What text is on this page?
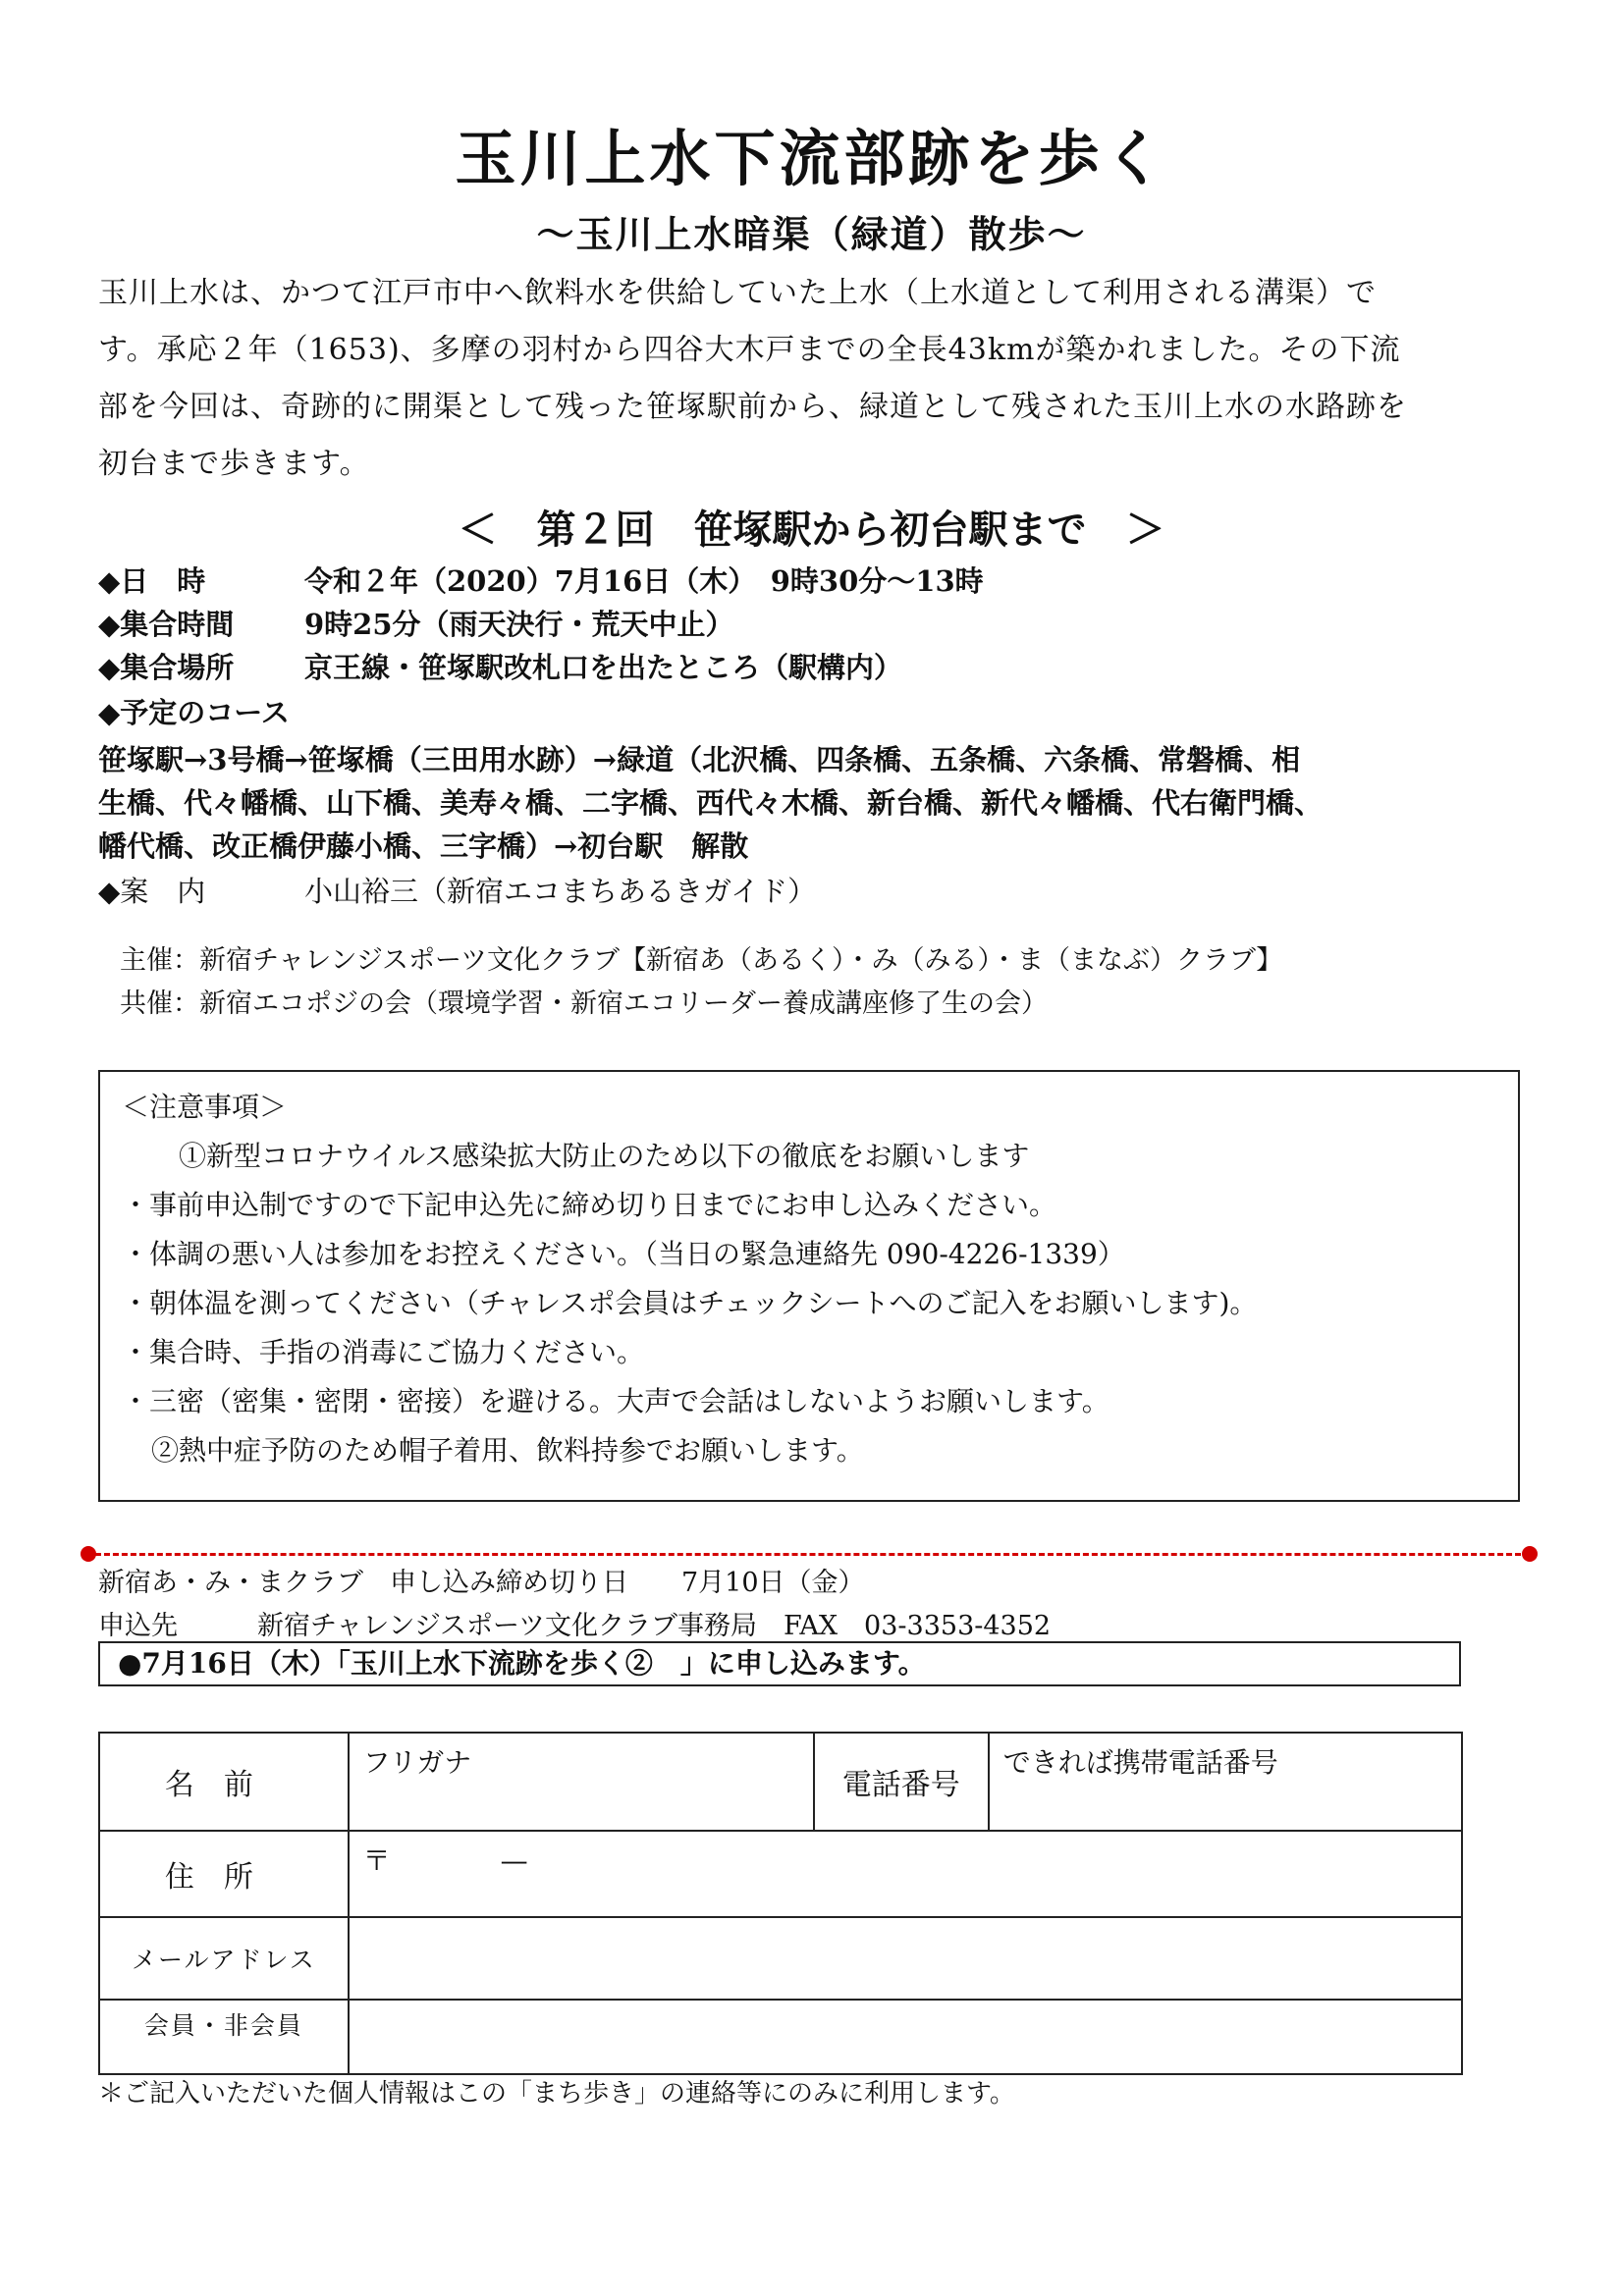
玉川上水下流部跡を歩く
～玉川上水暗渠（緑道）散歩～
玉川上水は、かつて江戸市中へ飲料水を供給していた上水（上水道として利用される溝渠）で
す。承応２年（1653)、多摩の羽村から四谷大木戸までの全長43kmが築かれました。その下流
部を今回は、奇跡的に開渠として残った笹塚駅前から、緑道として残された玉川上水の水路跡を
初台まで歩きます。
＜　第２回　笹塚駅から初台駅まで　＞
◆日　時	令和２年（2020）7月16日（木）　9時30分～13時
◆集合時間 9時25分（雨天決行・荒天中止）
◆集合場所 京王線・笹塚駅改札口を出たところ（駅構内）
◆予定のコース
笹塚駅→3号橋→笹塚橋（三田用水跡）→緑道（北沢橋、四条橋、五条橋、六条橋、常磐橋、相
生橋、代々幡橋、山下橋、美寿々橋、二字橋、西代々木橋、新台橋、新代々幡橋、代右衛門橋、
幡代橋、改正橋伊藤小橋、三字橋）→初台駅　解散
◆案　内	小山裕三（新宿エコまちあるきガイド）
主催：新宿チャレンジスポーツ文化クラブ【新宿あ（あるく）・み（みる）・ま（まなぶ）クラブ】
共催：新宿エコポジの会（環境学習・新宿エコリーダー養成講座修了生の会）
＜注意事項＞
①新型コロナウイルス感染拡大防止のため以下の徹底をお願いします
・事前申込制ですので下記申込先に締め切り日までにお申し込みください。
・体調の悪い人は参加をお控えください。（当日の緊急連絡先 090-4226-1339）
・朝体温を測ってください（チャレスポ会員はチェックシートへのご記入をお願いします)。
・集合時、手指の消毒にご協力ください。
・三密（密集・密閉・密接）を避ける。大声で会話はしないようお願いします。
②熱中症予防のため帽子着用、飲料持参でお願いします。
新宿あ・み・まクラブ　申し込み締め切り日　　7月10日（金）
申込先　　　新宿チャレンジスポーツ文化クラブ事務局　FAX　03-3353-4352
●7月16日（木）「玉川上水下流跡を歩く②　」に申し込みます。
名前	フリガナ	電話番号	できれば携帯電話番号
住所	〒　　　　—		
メールアドレス			
会員・非会員			
＊ご記入いただいた個人情報はこの「まち歩き」の連絡等にのみに利用します。
